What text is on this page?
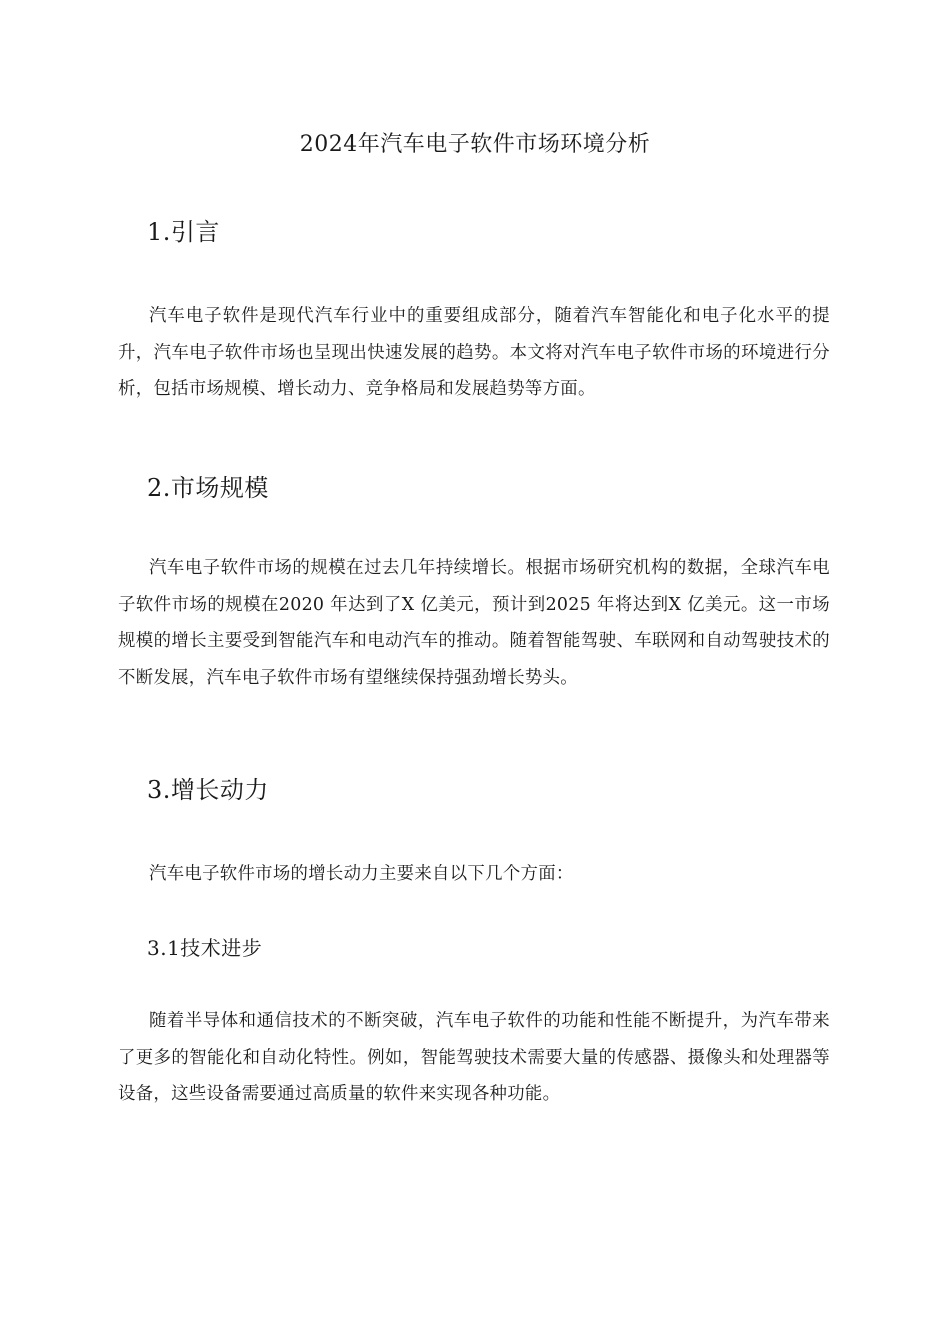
2024年汽车电子软件市场环境分析
1.引言
汽车电子软件是现代汽车行业中的重要组成部分，随着汽车智能化和电子化水平的提升，汽车电子软件市场也呈现出快速发展的趋势。本文将对汽车电子软件市场的环境进行分析，包括市场规模、增长动力、竞争格局和发展趋势等方面。
2.市场规模
汽车电子软件市场的规模在过去几年持续增长。根据市场研究机构的数据，全球汽车电子软件市场的规模在2020 年达到了X 亿美元，预计到2025 年将达到X 亿美元。这一市场规模的增长主要受到智能汽车和电动汽车的推动。随着智能驾驶、车联网和自动驾驶技术的不断发展，汽车电子软件市场有望继续保持强劲增长势头。
3.增长动力
汽车电子软件市场的增长动力主要来自以下几个方面：
3.1技术进步
随着半导体和通信技术的不断突破，汽车电子软件的功能和性能不断提升，为汽车带来了更多的智能化和自动化特性。例如，智能驾驶技术需要大量的传感器、摄像头和处理器等设备，这些设备需要通过高质量的软件来实现各种功能。
